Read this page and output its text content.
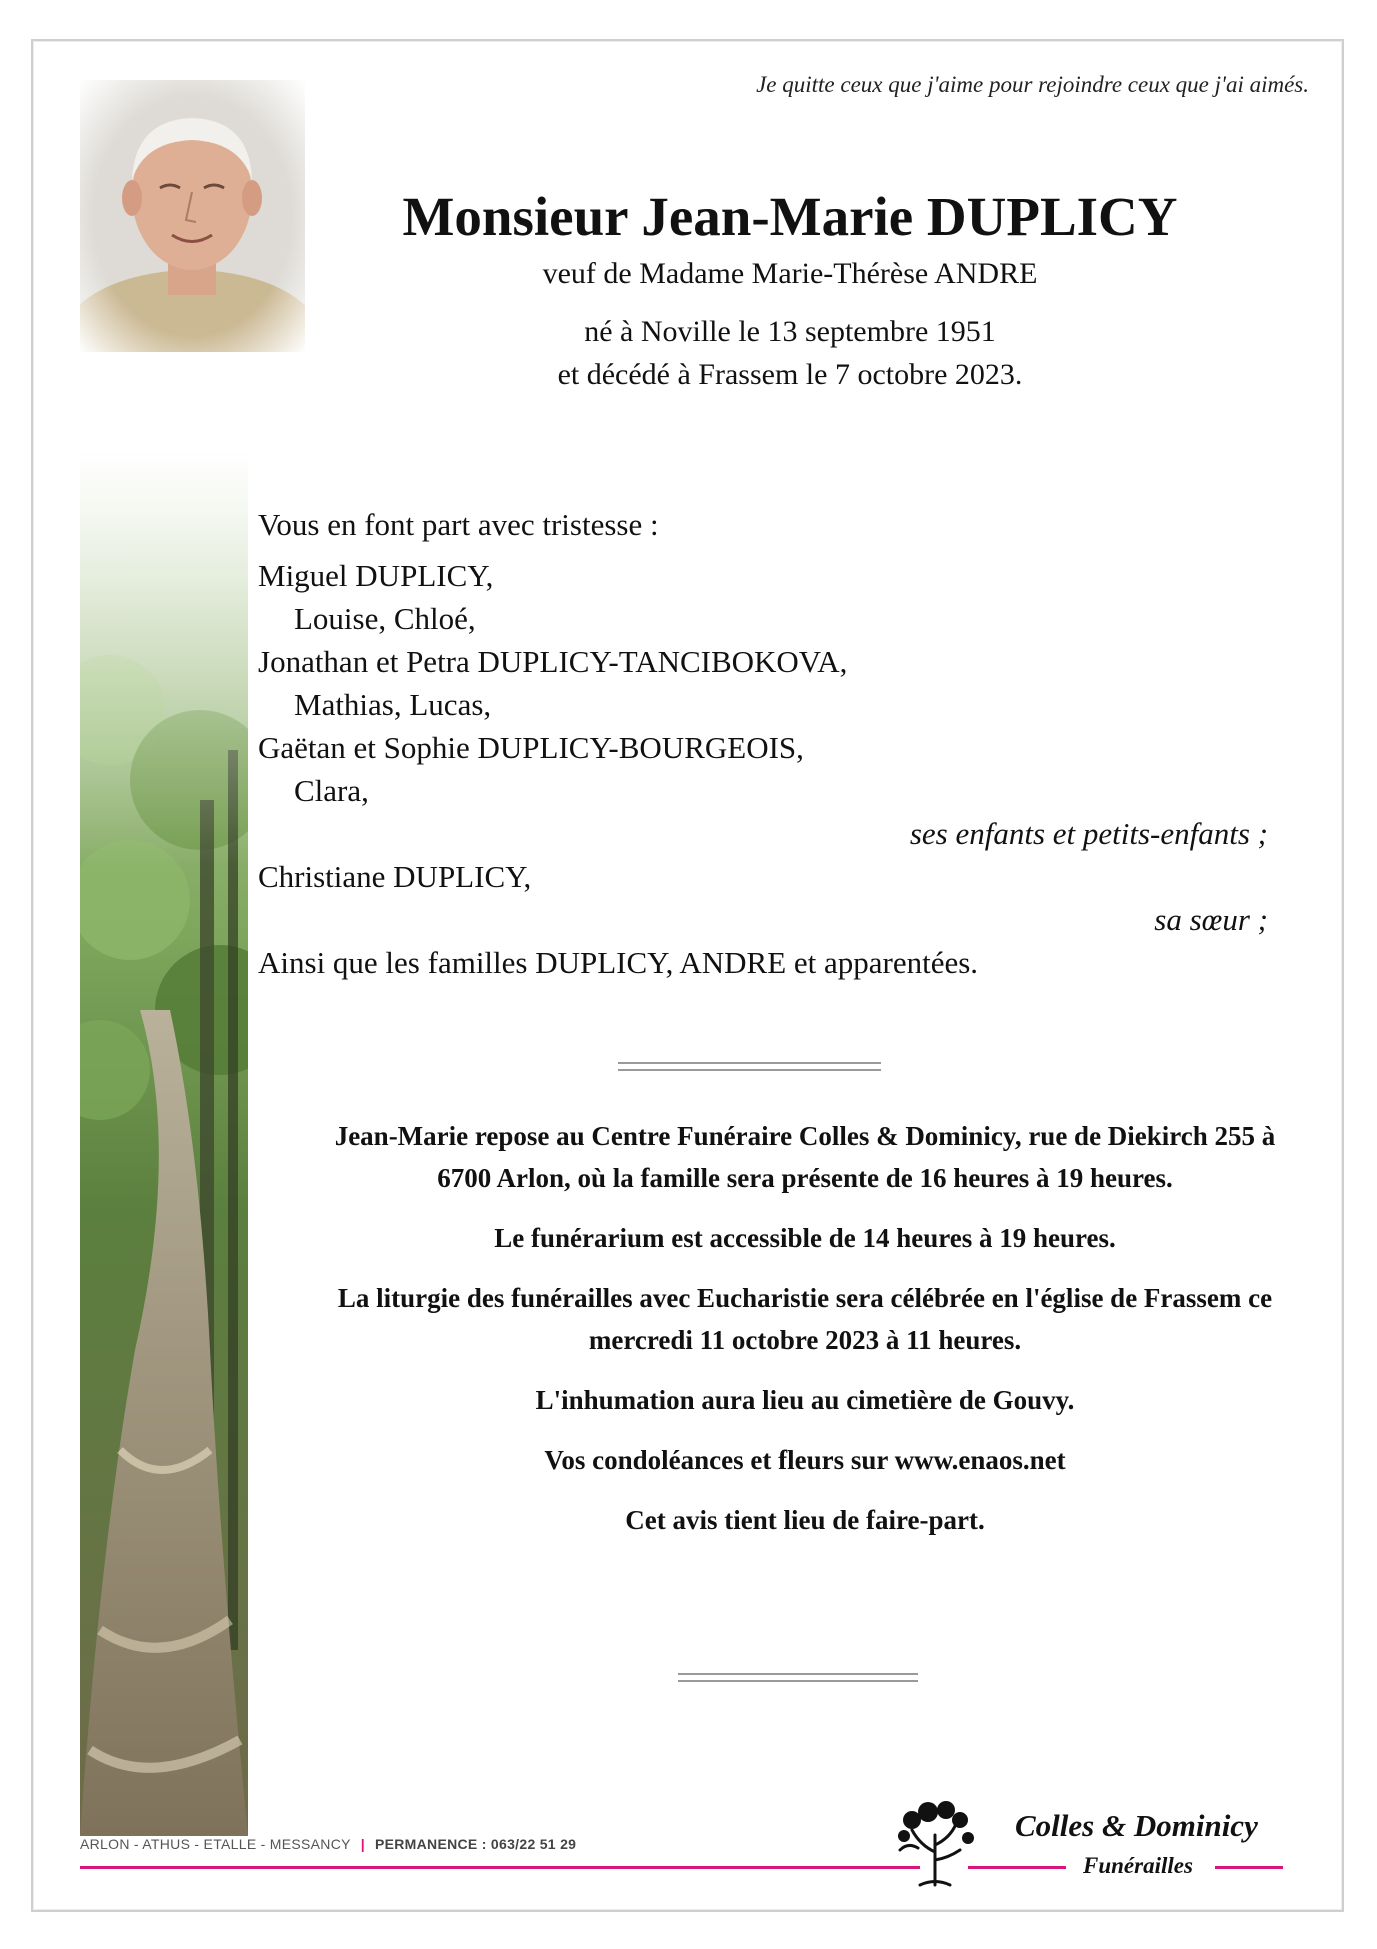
Je quitte ceux que j'aime pour rejoindre ceux que j'ai aimés.
Monsieur Jean-Marie DUPLICY
veuf de Madame Marie-Thérèse ANDRE
né à Noville le 13 septembre 1951
et décédé à Frassem le 7 octobre 2023.
Vous en font part avec tristesse :
Miguel DUPLICY,
Louise, Chloé,
Jonathan et Petra DUPLICY-TANCIBOKOVA,
Mathias, Lucas,
Gaëtan et Sophie DUPLICY-BOURGEOIS,
Clara,
ses enfants et petits-enfants ;
Christiane DUPLICY,
sa sœur ;
Ainsi que les familles DUPLICY, ANDRE et apparentées.

Jean-Marie repose au Centre Funéraire Colles & Dominicy, rue de Diekirch 255 à 6700 Arlon, où la famille sera présente de 16 heures à 19 heures.

Le funérarium est accessible de 14 heures à 19 heures.

La liturgie des funérailles avec Eucharistie sera célébrée en l'église de Frassem ce mercredi 11 octobre 2023 à 11 heures.

L'inhumation aura lieu au cimetière de Gouvy.

Vos condoléances et fleurs sur www.enaos.net

Cet avis tient lieu de faire-part.

ARLON - ATHUS - ETALLE - MESSANCY | PERMANENCE : 063/22 51 29
Colles & Dominicy
Funérailles
